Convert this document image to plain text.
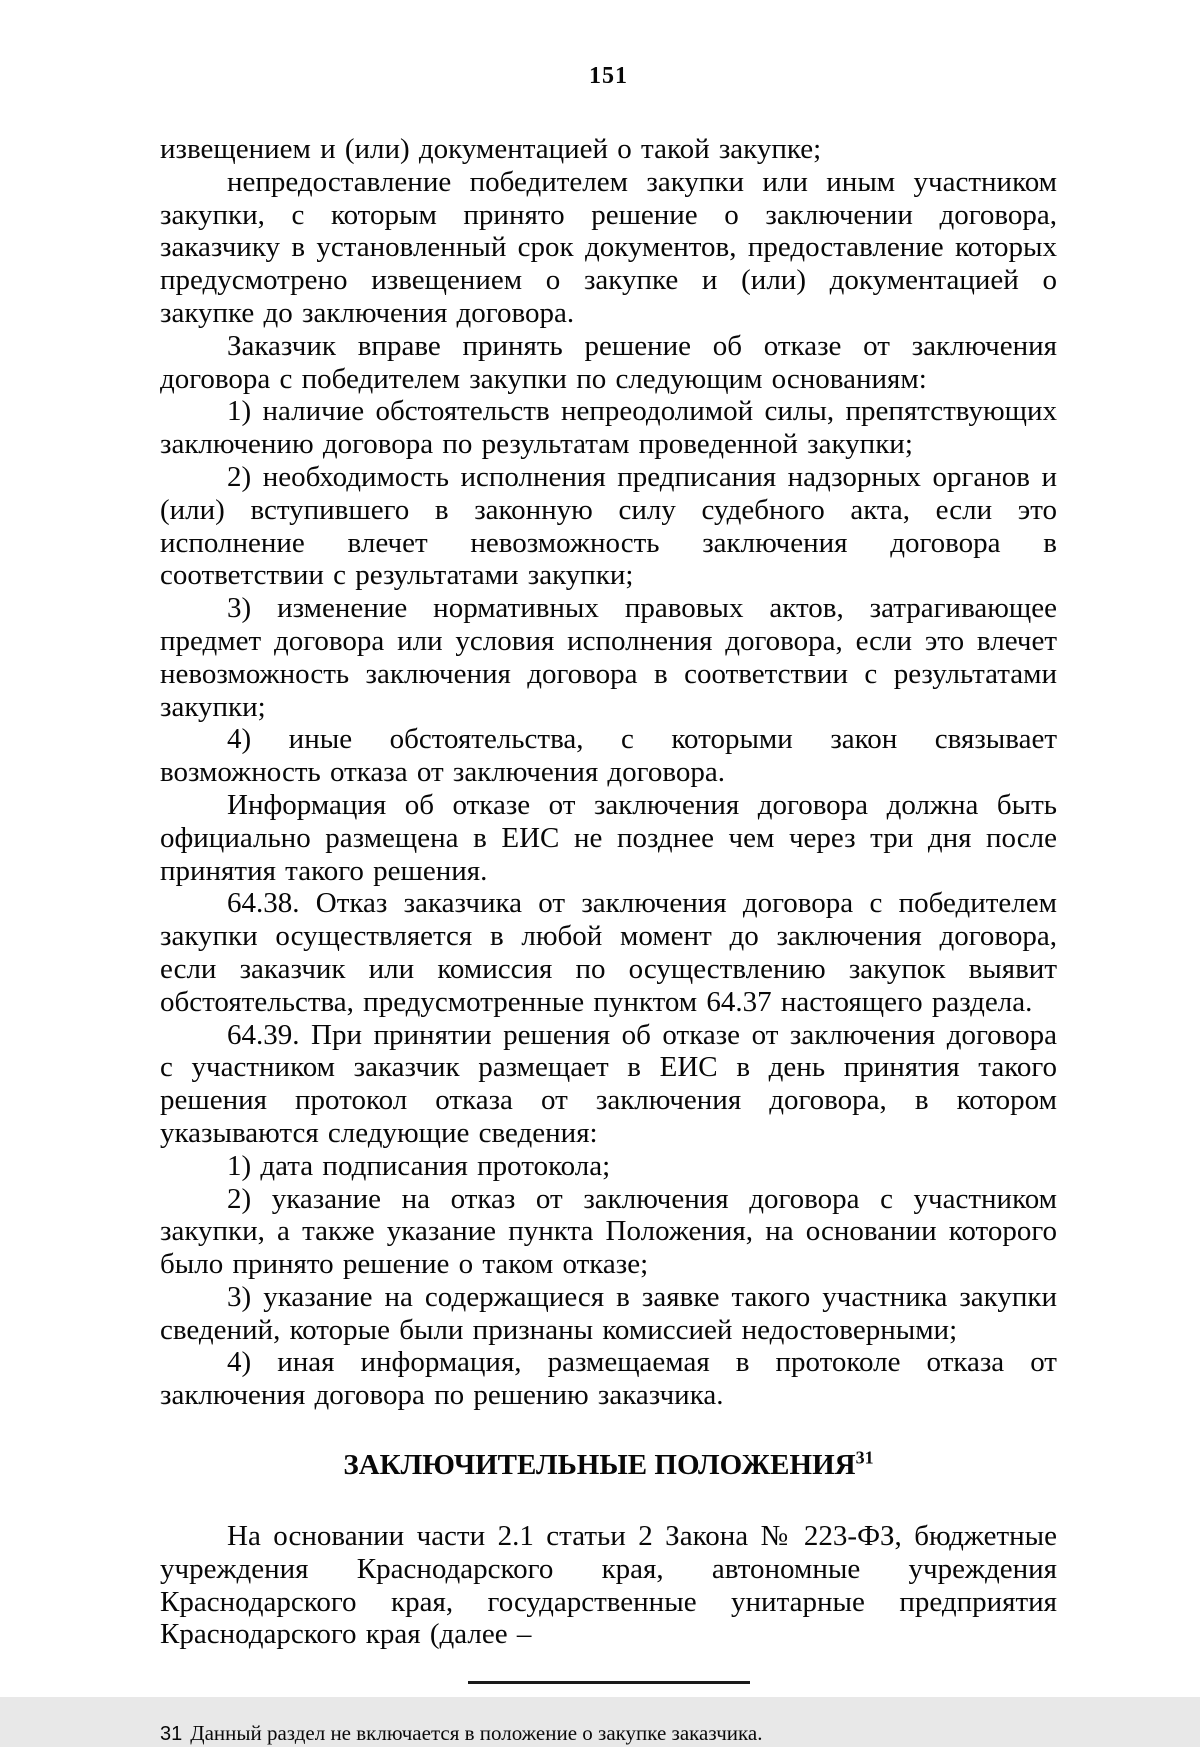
151

извещением и (или) документацией о такой закупке;

непредоставление победителем закупки или иным участником закупки, с которым принято решение о заключении договора, заказчику в установленный срок документов, предоставление которых предусмотрено извещением о закупке и (или) документацией о закупке до заключения договора.

Заказчик вправе принять решение об отказе от заключения договора с победителем закупки по следующим основаниям:

1) наличие обстоятельств непреодолимой силы, препятствующих заключению договора по результатам проведенной закупки;

2) необходимость исполнения предписания надзорных органов и (или) вступившего в законную силу судебного акта, если это исполнение влечет невозможность заключения договора в соответствии с результатами закупки;

3) изменение нормативных правовых актов, затрагивающее предмет договора или условия исполнения договора, если это влечет невозможность заключения договора в соответствии с результатами закупки;

4) иные обстоятельства, с которыми закон связывает возможность отказа от заключения договора.

Информация об отказе от заключения договора должна быть официально размещена в ЕИС не позднее чем через три дня после принятия такого решения.

64.38. Отказ заказчика от заключения договора с победителем закупки осуществляется в любой момент до заключения договора, если заказчик или комиссия по осуществлению закупок выявит обстоятельства, предусмотренные пунктом 64.37 настоящего раздела.

64.39. При принятии решения об отказе от заключения договора с участником заказчик размещает в ЕИС в день принятия такого решения протокол отказа от заключения договора, в котором указываются следующие сведения:

1) дата подписания протокола;

2) указание на отказ от заключения договора с участником закупки, а также указание пункта Положения, на основании которого было принято решение о таком отказе;

3) указание на содержащиеся в заявке такого участника закупки сведений, которые были признаны комиссией недостоверными;

4) иная информация, размещаемая в протоколе отказа от заключения договора по решению заказчика.

ЗАКЛЮЧИТЕЛЬНЫЕ ПОЛОЖЕНИЯ$^{31}$

На основании части 2.1 статьи 2 Закона № 223-ФЗ, бюджетные учреждения Краснодарского края, автономные учреждения Краснодарского края, государственные унитарные предприятия Краснодарского края (далее –

31 Данный раздел не включается в положение о закупке заказчика.
